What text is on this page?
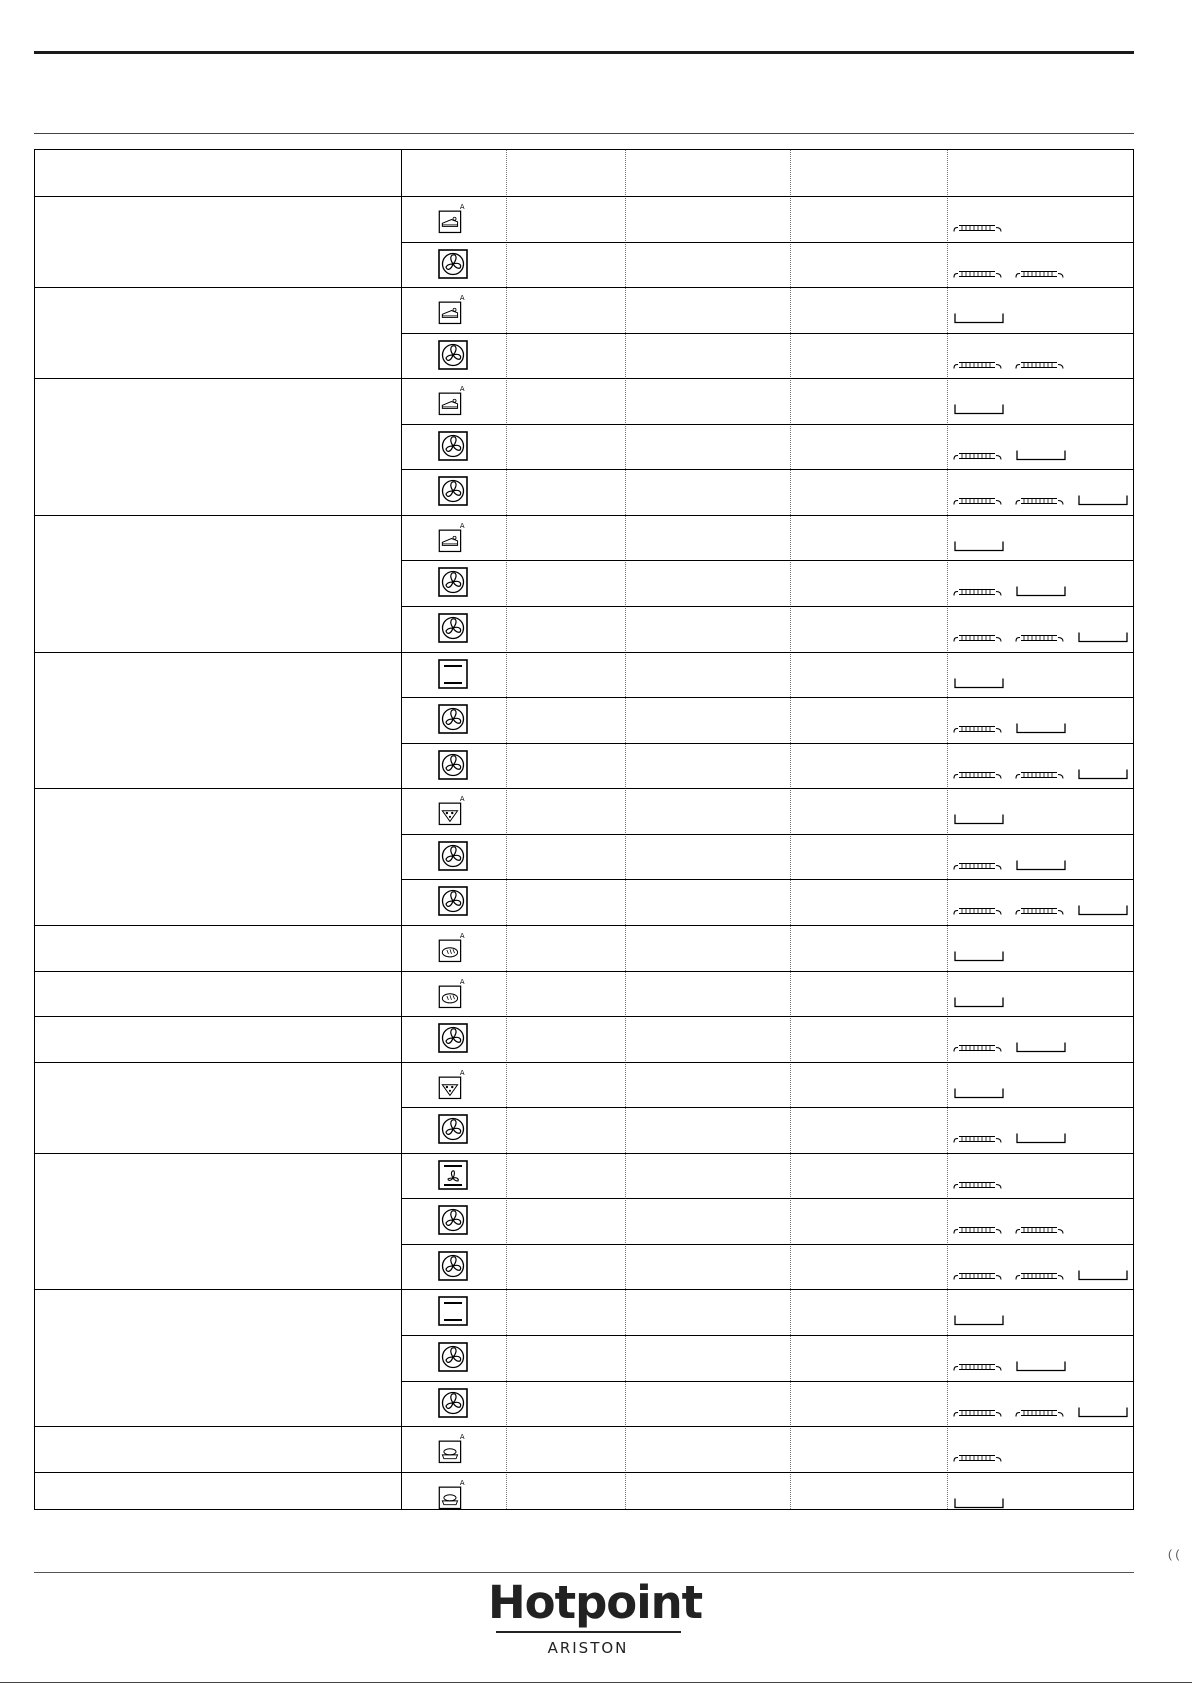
A
A
A
A
A
A
A
A
A
A
Hotpoint
ARISTON
( (
